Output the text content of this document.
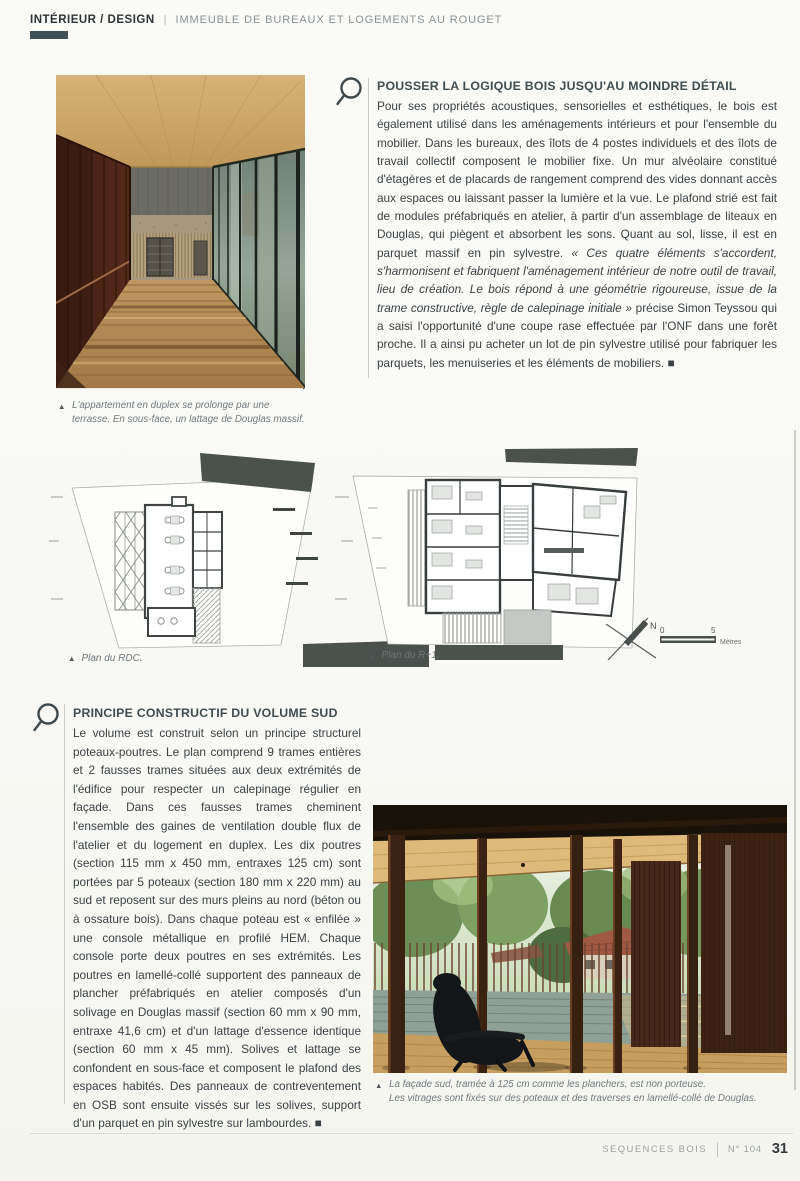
INTÉRIEUR / DESIGN | IMMEUBLE DE BUREAUX ET LOGEMENTS AU ROUGET
▲ L'appartement en duplex se prolonge par une terrasse. En sous-face, un lattage de Douglas massif.
POUSSER LA LOGIQUE BOIS JUSQU'AU MOINDRE DÉTAIL

Pour ses propriétés acoustiques, sensorielles et esthétiques, le bois est également utilisé dans les aménagements intérieurs et pour l'ensemble du mobilier. Dans les bureaux, des îlots de 4 postes individuels et des îlots de travail collectif composent le mobilier fixe. Un mur alvéolaire constitué d'étagères et de placards de rangement comprend des vides donnant accès aux espaces ou laissant passer la lumière et la vue. Le plafond strié est fait de modules préfabriqués en atelier, à partir d'un assemblage de liteaux en Douglas, qui piègent et absorbent les sons. Quant au sol, lisse, il est en parquet massif en pin sylvestre. « Ces quatre éléments s'accordent, s'harmonisent et fabriquent l'aménagement intérieur de notre outil de travail, lieu de création. Le bois répond à une géométrie rigoureuse, issue de la trame constructive, règle de calepinage initiale » précise Simon Teyssou qui a saisi l'opportunité d'une coupe rase effectuée par l'ONF dans une forêt proche. Il a ainsi pu acheter un lot de pin sylvestre utilisé pour fabriquer les parquets, les menuiseries et les éléments de mobiliers. ■

▲ Plan du RDC.	▲ Plan du R+1.
N 0	5
Mètres
PRINCIPE CONSTRUCTIF DU VOLUME SUD

Le volume est construit selon un principe structurel poteaux-poutres. Le plan comprend 9 trames entières et 2 fausses trames situées aux deux extrémités de l'édifice pour respecter un calepinage régulier en façade. Dans ces fausses trames cheminent l'ensemble des gaines de ventilation double flux de l'atelier et du logement en duplex. Les dix poutres (section 115 mm x 450 mm, entraxes 125 cm) sont portées par 5 poteaux (section 180 mm x 220 mm) au sud et reposent sur des murs pleins au nord (béton ou à ossature bois). Dans chaque poteau est « enfilée » une console métallique en profilé HEM. Chaque console porte deux poutres en ses extrémités. Les poutres en lamellé-collé supportent des panneaux de plancher préfabriqués en atelier composés d'un solivage en Douglas massif (section 60 mm x 90 mm, entraxe 41,6 cm) et d'un lattage d'essence identique (section 60 mm x 45 mm). Solives et lattage se confondent en sous-face et composent le plafond des espaces habités. Des panneaux de contreventement en OSB sont ensuite vissés sur les solives, support d'un parquet en pin sylvestre sur lambourdes. ■

▲ La façade sud, tramée à 125 cm comme les planchers, est non porteuse.
Les vitrages sont fixés sur des poteaux et des traverses en lamellé-collé de Douglas.
SEQUENCES BOIS N° 104 31
